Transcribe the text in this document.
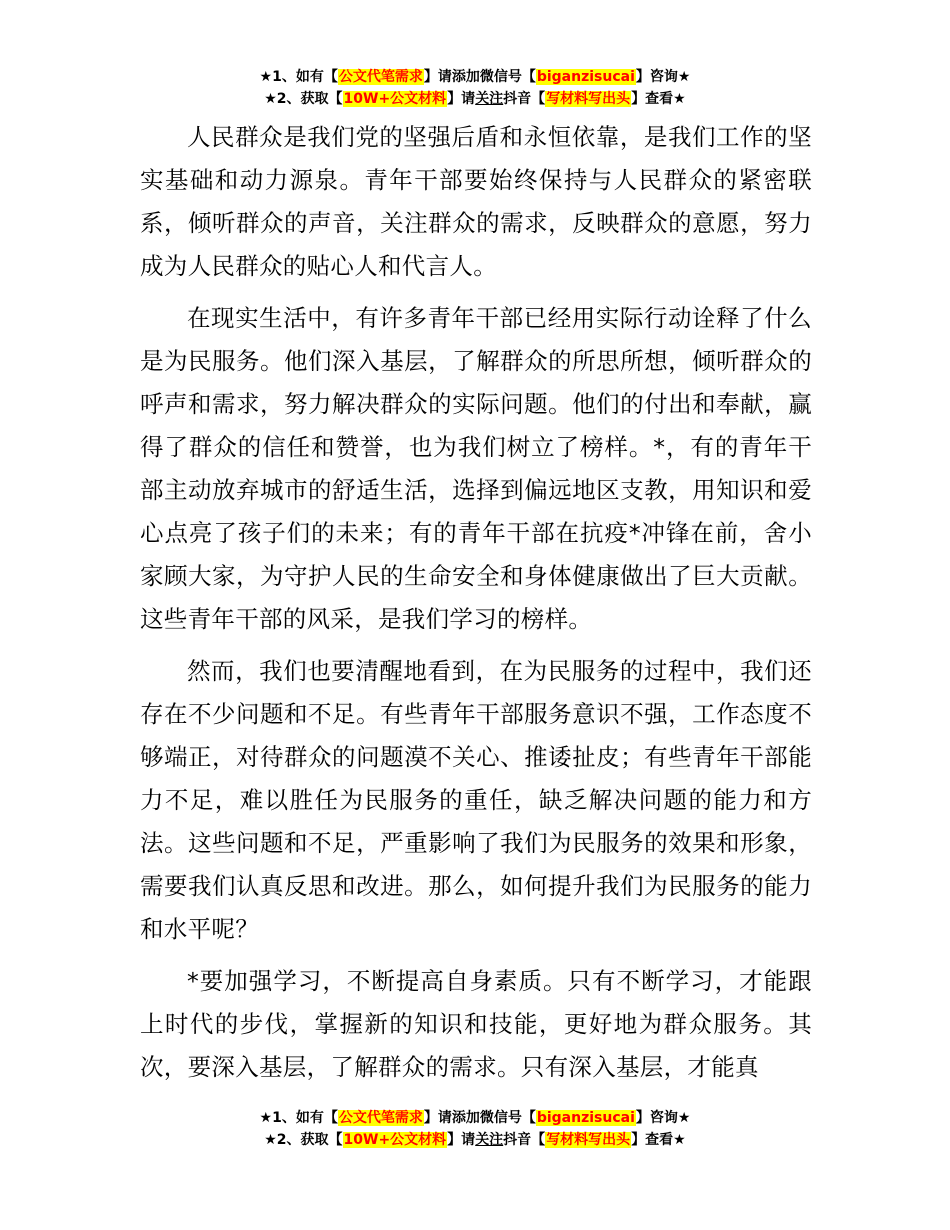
★1、如有【公文代笔需求】请添加微信号【biganzisucai】咨询★
★2、获取【10W+公文材料】请关注抖音【写材料写出头】查看★

人民群众是我们党的坚强后盾和永恒依靠，是我们工作的坚实基础和动力源泉。青年干部要始终保持与人民群众的紧密联系，倾听群众的声音，关注群众的需求，反映群众的意愿，努力成为人民群众的贴心人和代言人。

在现实生活中，有许多青年干部已经用实际行动诠释了什么是为民服务。他们深入基层，了解群众的所思所想，倾听群众的呼声和需求，努力解决群众的实际问题。他们的付出和奉献，赢得了群众的信任和赞誉，也为我们树立了榜样。*，有的青年干部主动放弃城市的舒适生活，选择到偏远地区支教，用知识和爱心点亮了孩子们的未来；有的青年干部在抗疫*冲锋在前，舍小家顾大家，为守护人民的生命安全和身体健康做出了巨大贡献。这些青年干部的风采，是我们学习的榜样。

然而，我们也要清醒地看到，在为民服务的过程中，我们还存在不少问题和不足。有些青年干部服务意识不强，工作态度不够端正，对待群众的问题漠不关心、推诿扯皮；有些青年干部能力不足，难以胜任为民服务的重任，缺乏解决问题的能力和方法。这些问题和不足，严重影响了我们为民服务的效果和形象，需要我们认真反思和改进。那么，如何提升我们为民服务的能力和水平呢？

*要加强学习，不断提高自身素质。只有不断学习，才能跟上时代的步伐，掌握新的知识和技能，更好地为群众服务。其次，要深入基层，了解群众的需求。只有深入基层，才能真

★1、如有【公文代笔需求】请添加微信号【biganzisucai】咨询★
★2、获取【10W+公文材料】请关注抖音【写材料写出头】查看★
